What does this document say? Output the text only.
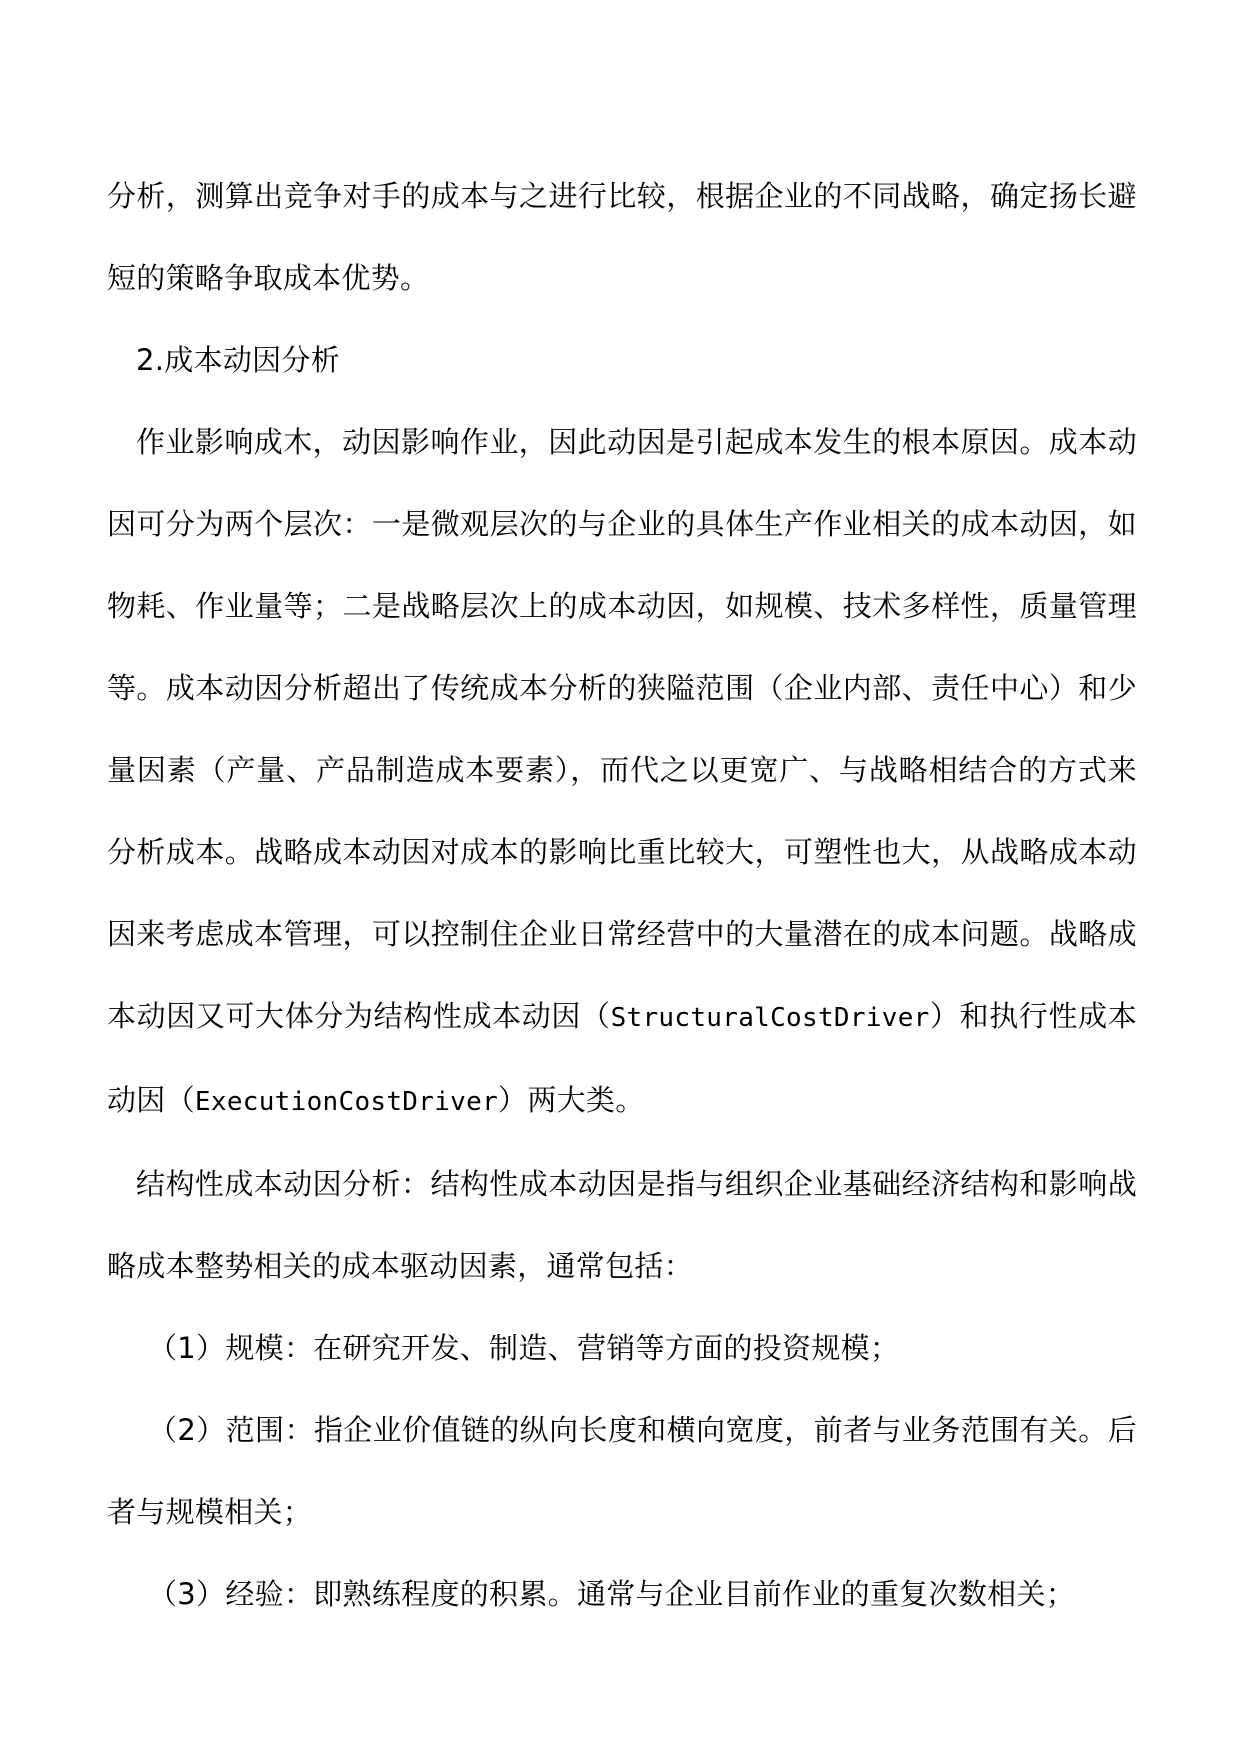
分析，测算出竞争对手的成本与之进行比较，根据企业的不同战略，确定扬长避短的策略争取成本优势。

2.成本动因分析

作业影响成木，动因影响作业，因此动因是引起成本发生的根本原因。成本动因可分为两个层次：一是微观层次的与企业的具体生产作业相关的成本动因，如物耗、作业量等；二是战略层次上的成本动因，如规模、技术多样性，质量管理等。成本动因分析超出了传统成本分析的狭隘范围（企业内部、责任中心）和少量因素（产量、产品制造成本要素），而代之以更宽广、与战略相结合的方式来分析成本。战略成本动因对成本的影响比重比较大，可塑性也大，从战略成本动因来考虑成本管理，可以控制住企业日常经营中的大量潜在的成本问题。战略成本动因又可大体分为结构性成本动因（StructuralCostDriver）和执行性成本动因（ExecutionCostDriver）两大类。

结构性成本动因分析：结构性成本动因是指与组织企业基础经济结构和影响战略成本整势相关的成本驱动因素，通常包括：

（1）规模：在研究开发、制造、营销等方面的投资规模；

（2）范围：指企业价值链的纵向长度和横向宽度，前者与业务范围有关。后者与规模相关；

（3）经验：即熟练程度的积累。通常与企业目前作业的重复次数相关；
